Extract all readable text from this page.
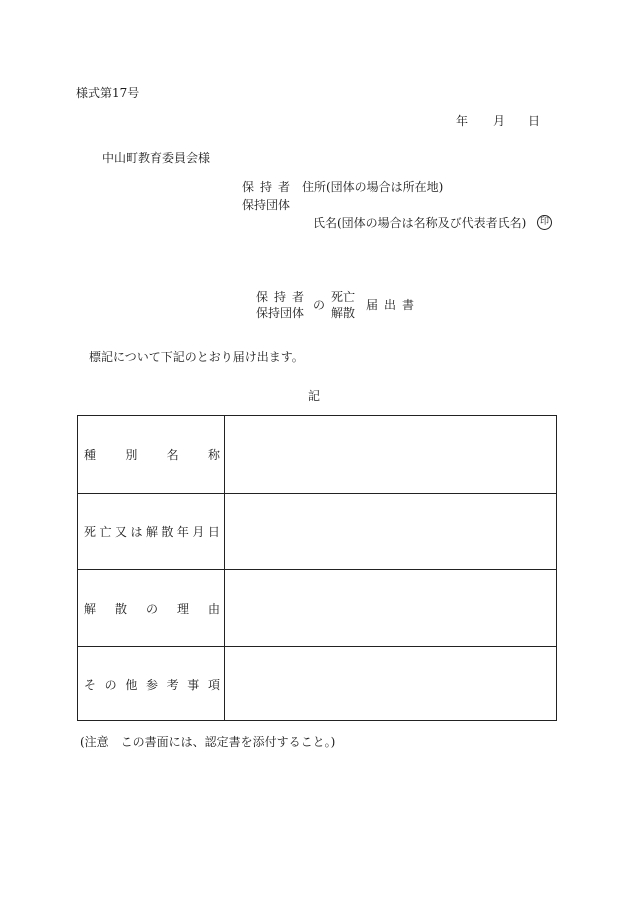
様式第17号
年 月 日
中山町教育委員会様
保持者 住所(団体の場合は所在地)
保持団体
氏名(団体の場合は名称及び代表者氏名)	印
保持者
保持団体
の
死亡
解散
届出書
標記について下記のとおり届け出ます。
記
種 別 名 称
死 亡 又 は 解 散 年 月 日
解 散 の 理 由
そ の 他 参 考 事 項
(注意　この書面には、認定書を添付すること。)
